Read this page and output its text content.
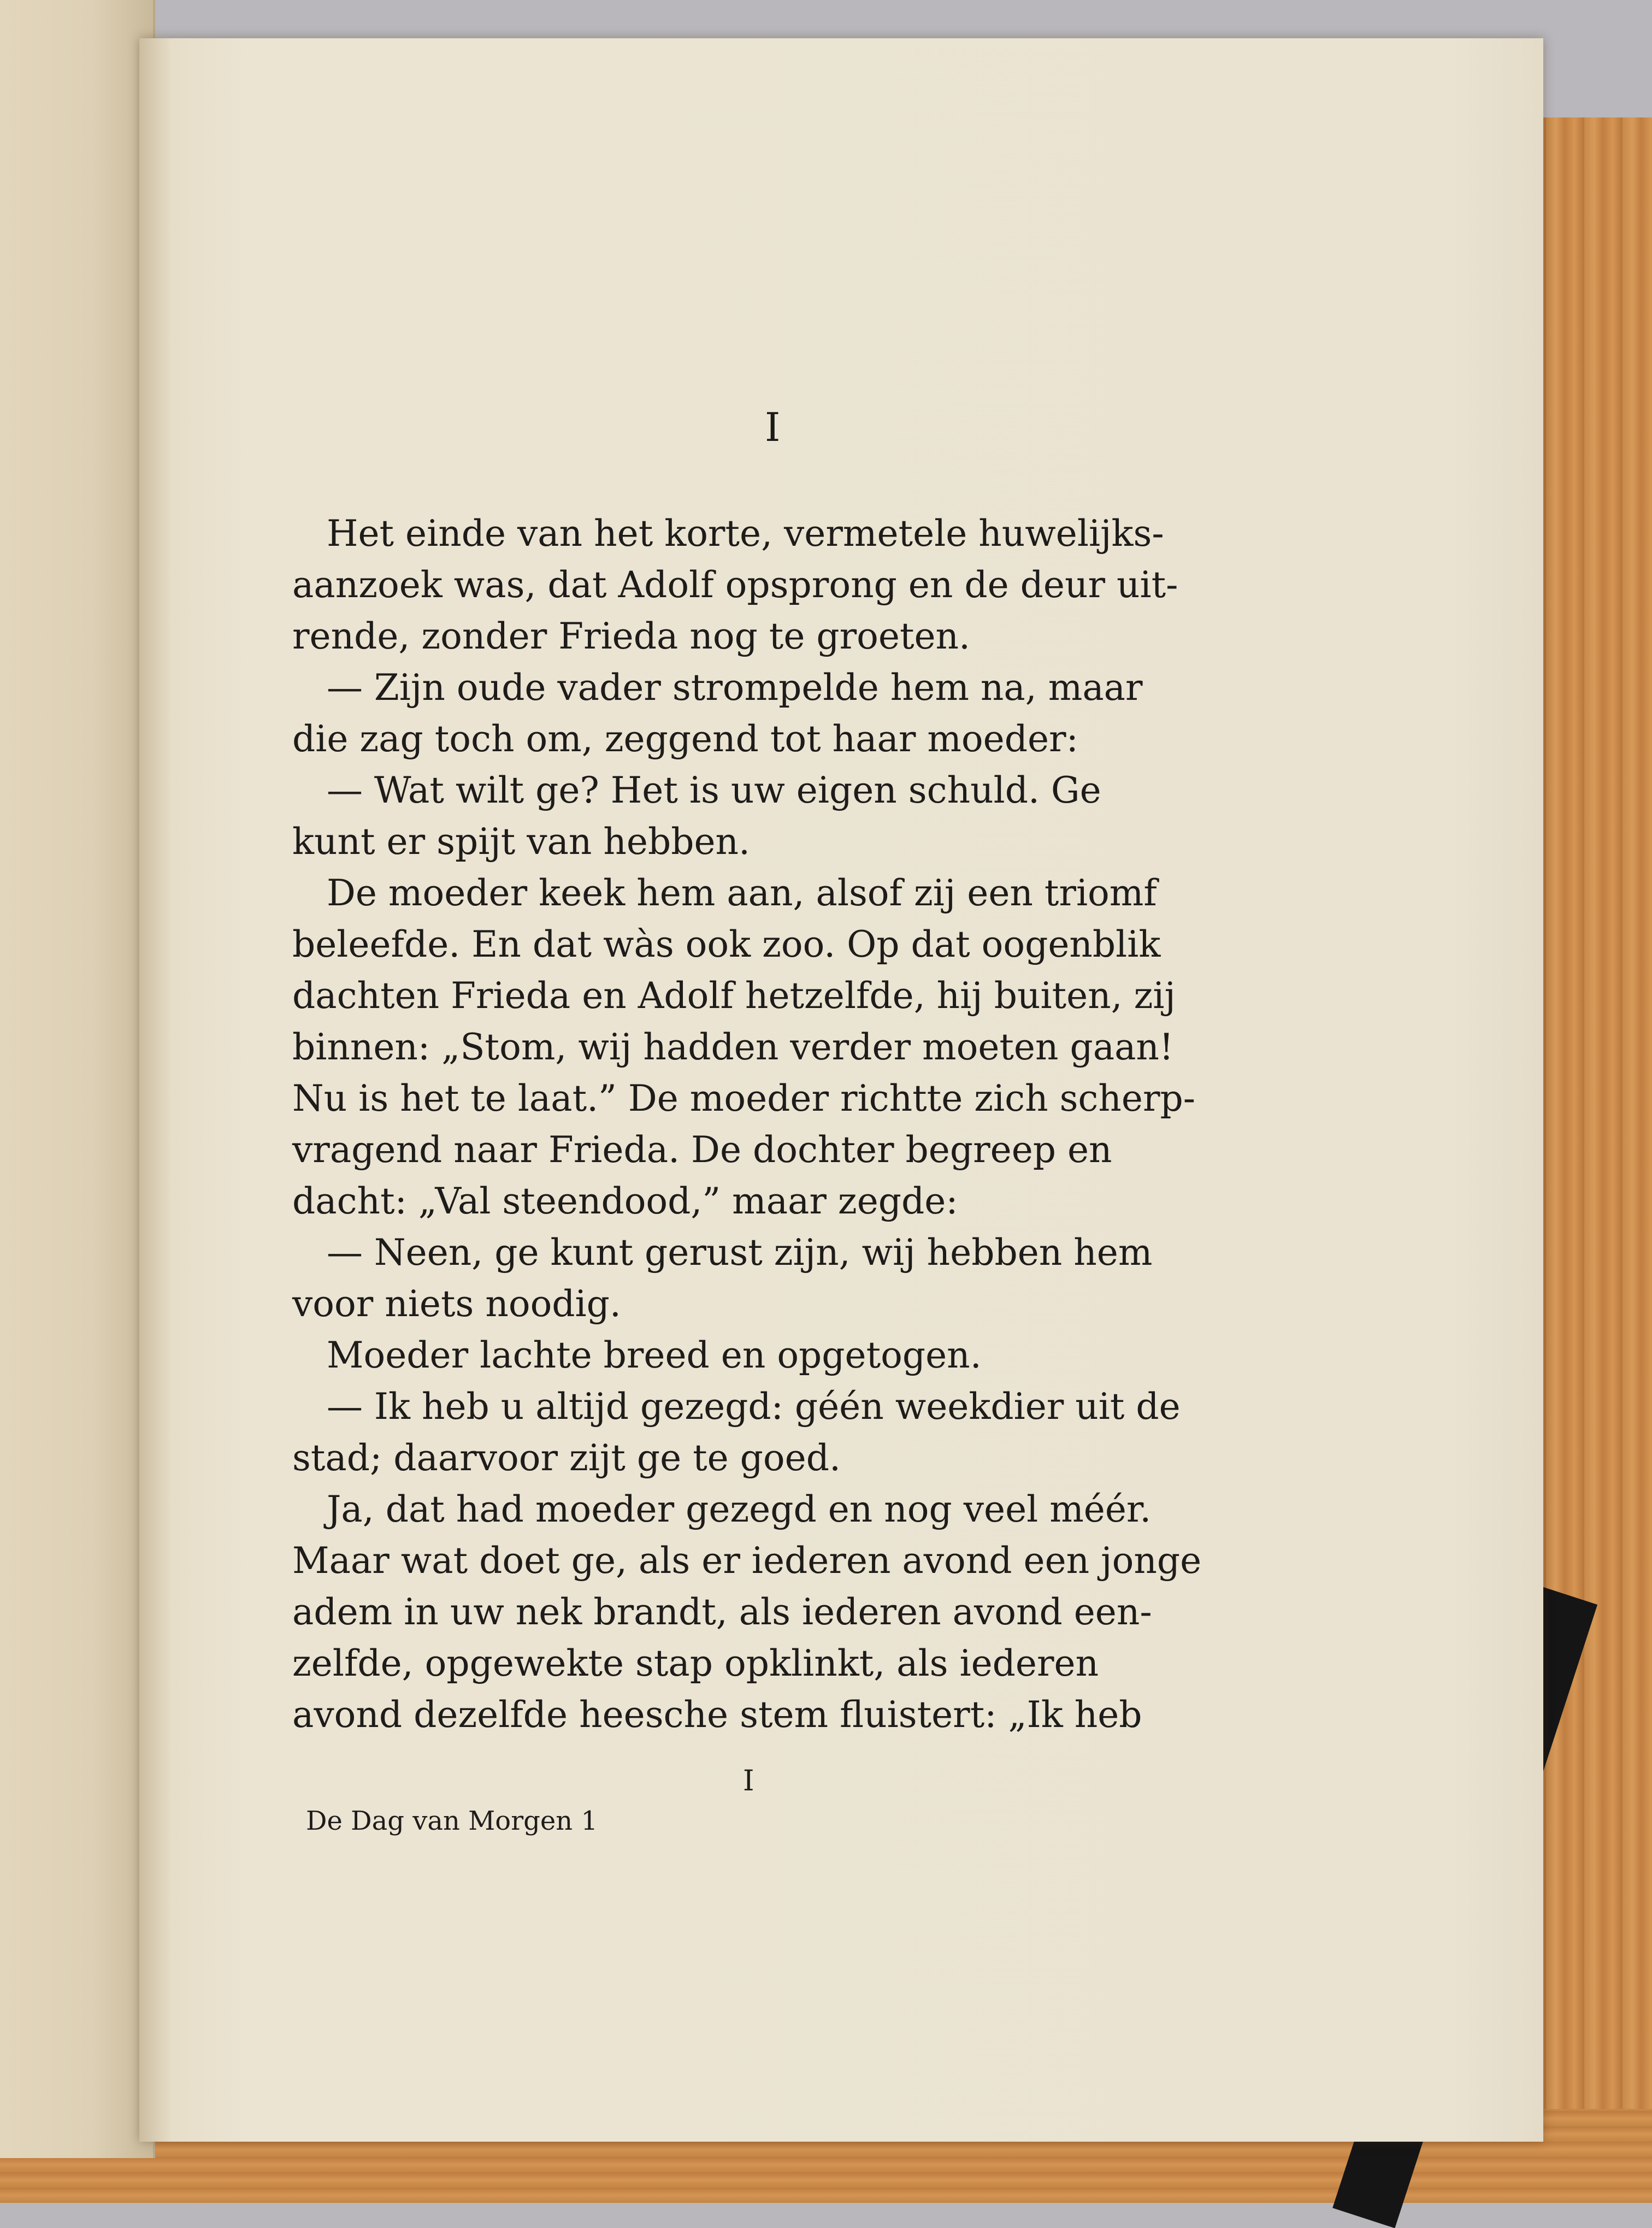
I
Het einde van het korte, vermetele huwelijks-
aanzoek was, dat Adolf opsprong en de deur uit-
rende, zonder Frieda nog te groeten.
— Zijn oude vader strompelde hem na, maar
die zag toch om, zeggend tot haar moeder:
— Wat wilt ge? Het is uw eigen schuld. Ge
kunt er spijt van hebben.
De moeder keek hem aan, alsof zij een triomf
beleefde. En dat wàs ook zoo. Op dat oogenblik
dachten Frieda en Adolf hetzelfde, hij buiten, zij
binnen: „Stom, wij hadden verder moeten gaan!
Nu is het te laat.” De moeder richtte zich scherp-
vragend naar Frieda. De dochter begreep en
dacht: „Val steendood,” maar zegde:
— Neen, ge kunt gerust zijn, wij hebben hem
voor niets noodig.
Moeder lachte breed en opgetogen.
— Ik heb u altijd gezegd: géén weekdier uit de
stad; daarvoor zijt ge te goed.
Ja, dat had moeder gezegd en nog veel méér.
Maar wat doet ge, als er iederen avond een jonge
adem in uw nek brandt, als iederen avond een-
zelfde, opgewekte stap opklinkt, als iederen
avond dezelfde heesche stem fluistert: „Ik heb
I
De Dag van Morgen 1
